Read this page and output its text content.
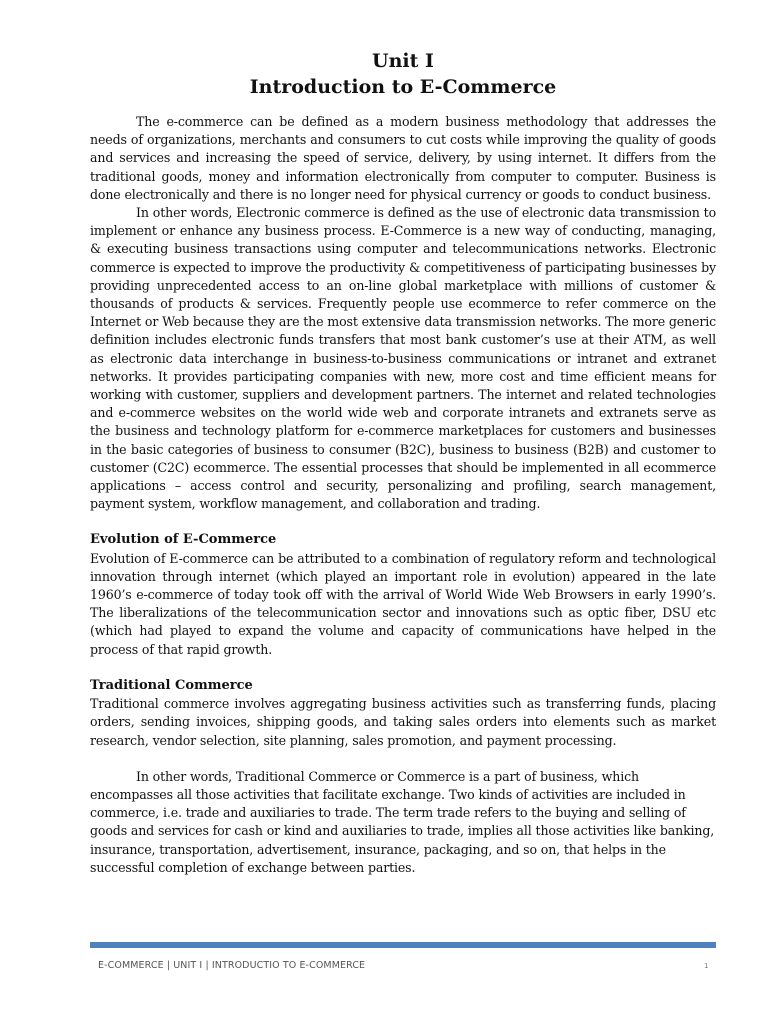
Unit I
Introduction to E-Commerce

The e-commerce can be defined as a modern business methodology that addresses the needs of organizations, merchants and consumers to cut costs while improving the quality of goods and services and increasing the speed of service, delivery, by using internet. It differs from the traditional goods, money and information electronically from computer to computer. Business is done electronically and there is no longer need for physical currency or goods to conduct business.

In other words, Electronic commerce is defined as the use of electronic data transmission to implement or enhance any business process. E-Commerce is a new way of conducting, managing, & executing business transactions using computer and telecommunications networks. Electronic commerce is expected to improve the productivity & competitiveness of participating businesses by providing unprecedented access to an on-line global marketplace with millions of customer & thousands of products & services. Frequently people use ecommerce to refer commerce on the Internet or Web because they are the most extensive data transmission networks. The more generic definition includes electronic funds transfers that most bank customer’s use at their ATM, as well as electronic data interchange in business-to-business communications or intranet and extranet networks. It provides participating companies with new, more cost and time efficient means for working with customer, suppliers and development partners. The internet and related technologies and e-commerce websites on the world wide web and corporate intranets and extranets serve as the business and technology platform for e-commerce marketplaces for customers and businesses in the basic categories of business to consumer (B2C), business to business (B2B) and customer to customer (C2C) ecommerce. The essential processes that should be implemented in all ecommerce applications – access control and security, personalizing and profiling, search management, payment system, workflow management, and collaboration and trading.

Evolution of E-Commerce

Evolution of E-commerce can be attributed to a combination of regulatory reform and technological innovation through internet (which played an important role in evolution) appeared in the late 1960’s e-commerce of today took off with the arrival of World Wide Web Browsers in early 1990’s. The liberalizations of the telecommunication sector and innovations such as optic fiber, DSU etc (which had played to expand the volume and capacity of communications have helped in the process of that rapid growth.

Traditional Commerce

Traditional commerce involves aggregating business activities such as transferring funds, placing orders, sending invoices, shipping goods, and taking sales orders into elements such as market research, vendor selection, site planning, sales promotion, and payment processing.

In other words, Traditional Commerce or Commerce is a part of business, which encompasses all those activities that facilitate exchange. Two kinds of activities are included in commerce, i.e. trade and auxiliaries to trade. The term trade refers to the buying and selling of goods and services for cash or kind and auxiliaries to trade, implies all those activities like banking, insurance, transportation, advertisement, insurance, packaging, and so on, that helps in the successful completion of exchange between parties.

E-COMMERCE | UNIT I | INTRODUCTIO TO E-COMMERCE	1
